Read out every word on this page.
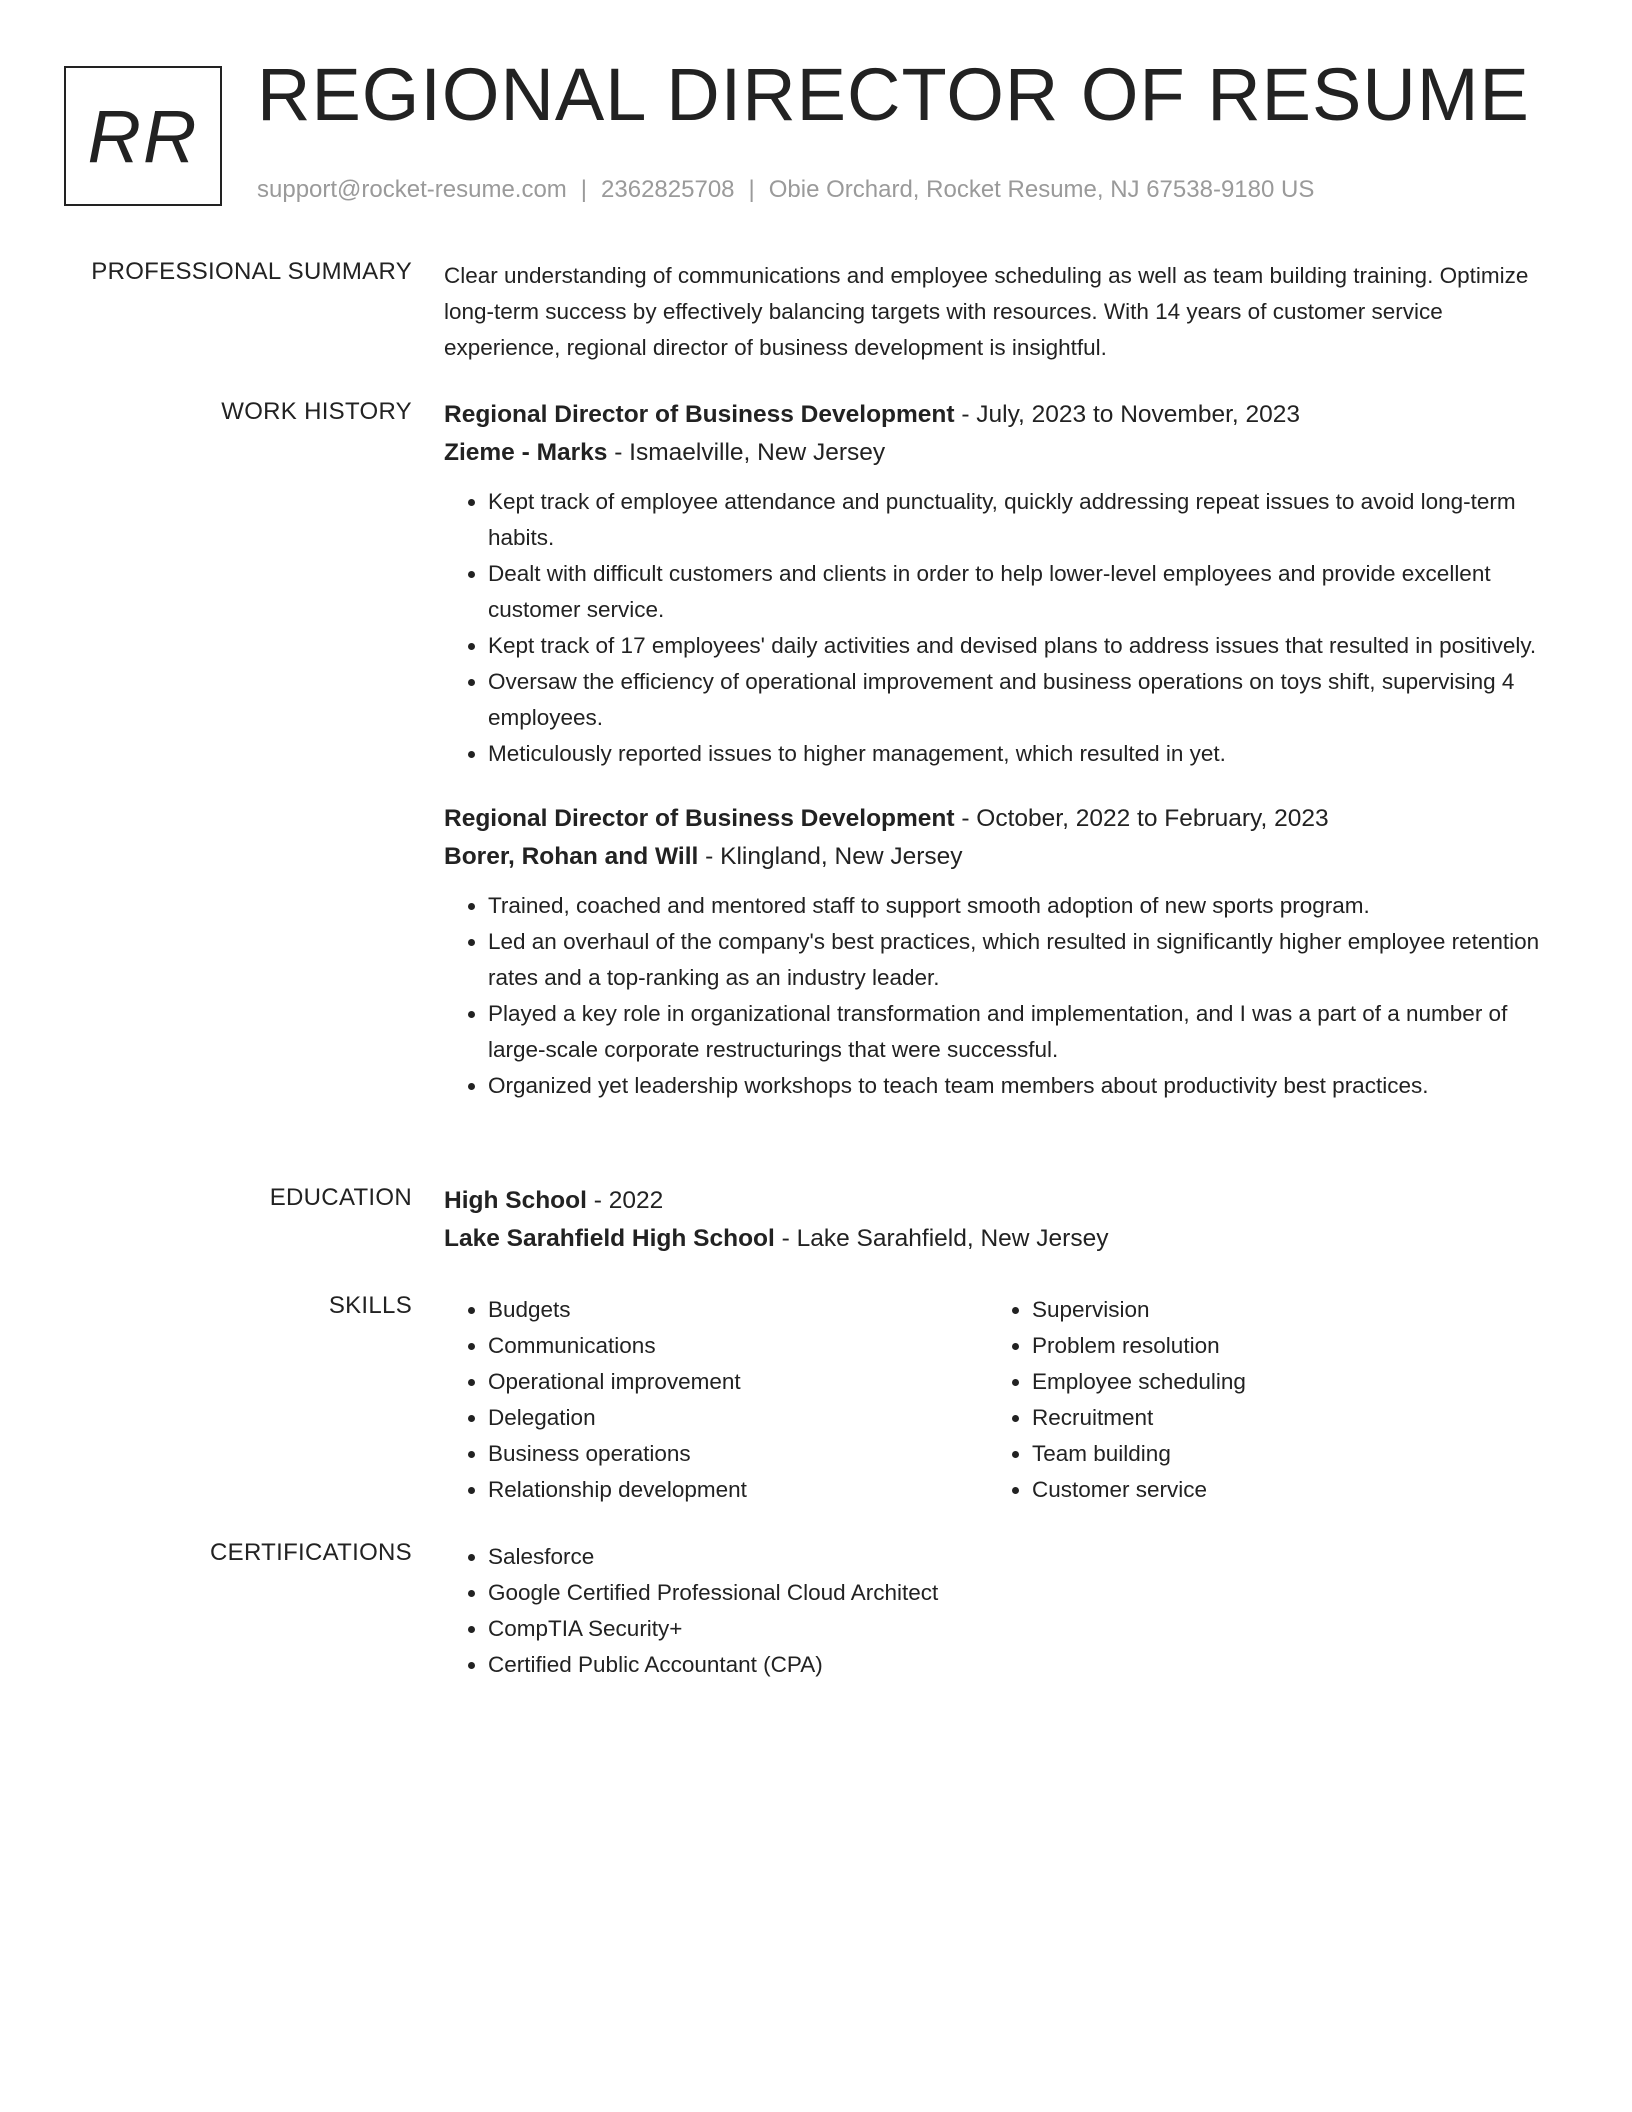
RR REGIONAL DIRECTOR OF RESUME
support@rocket-resume.com | 2362825708 | Obie Orchard, Rocket Resume, NJ 67538-9180 US
PROFESSIONAL SUMMARY Clear understanding of communications and employee scheduling as well as team building training. Optimize long-term success by effectively balancing targets with resources. With 14 years of customer service experience, regional director of business development is insightful.
WORK HISTORY Regional Director of Business Development - July, 2023 to November, 2023
Zieme - Marks - Ismaelville, New Jersey
• Kept track of employee attendance and punctuality, quickly addressing repeat issues to avoid long-term habits.
• Dealt with difficult customers and clients in order to help lower-level employees and provide excellent customer service.
• Kept track of 17 employees' daily activities and devised plans to address issues that resulted in positively.
• Oversaw the efficiency of operational improvement and business operations on toys shift, supervising 4 employees.
• Meticulously reported issues to higher management, which resulted in yet.
Regional Director of Business Development - October, 2022 to February, 2023
Borer, Rohan and Will - Klingland, New Jersey
• Trained, coached and mentored staff to support smooth adoption of new sports program.
• Led an overhaul of the company's best practices, which resulted in significantly higher employee retention rates and a top-ranking as an industry leader.
• Played a key role in organizational transformation and implementation, and I was a part of a number of large-scale corporate restructurings that were successful.
• Organized yet leadership workshops to teach team members about productivity best practices.
EDUCATION High School - 2022
Lake Sarahfield High School - Lake Sarahfield, New Jersey
SKILLS	• Budgets
• Communications
• Operational improvement
• Delegation
• Business operations
• Relationship development
• Supervision
• Problem resolution
• Employee scheduling
• Recruitment
• Team building
• Customer service
CERTIFICATIONS	• Salesforce
• Google Certified Professional Cloud Architect
• CompTIA Security+
• Certified Public Accountant (CPA)
